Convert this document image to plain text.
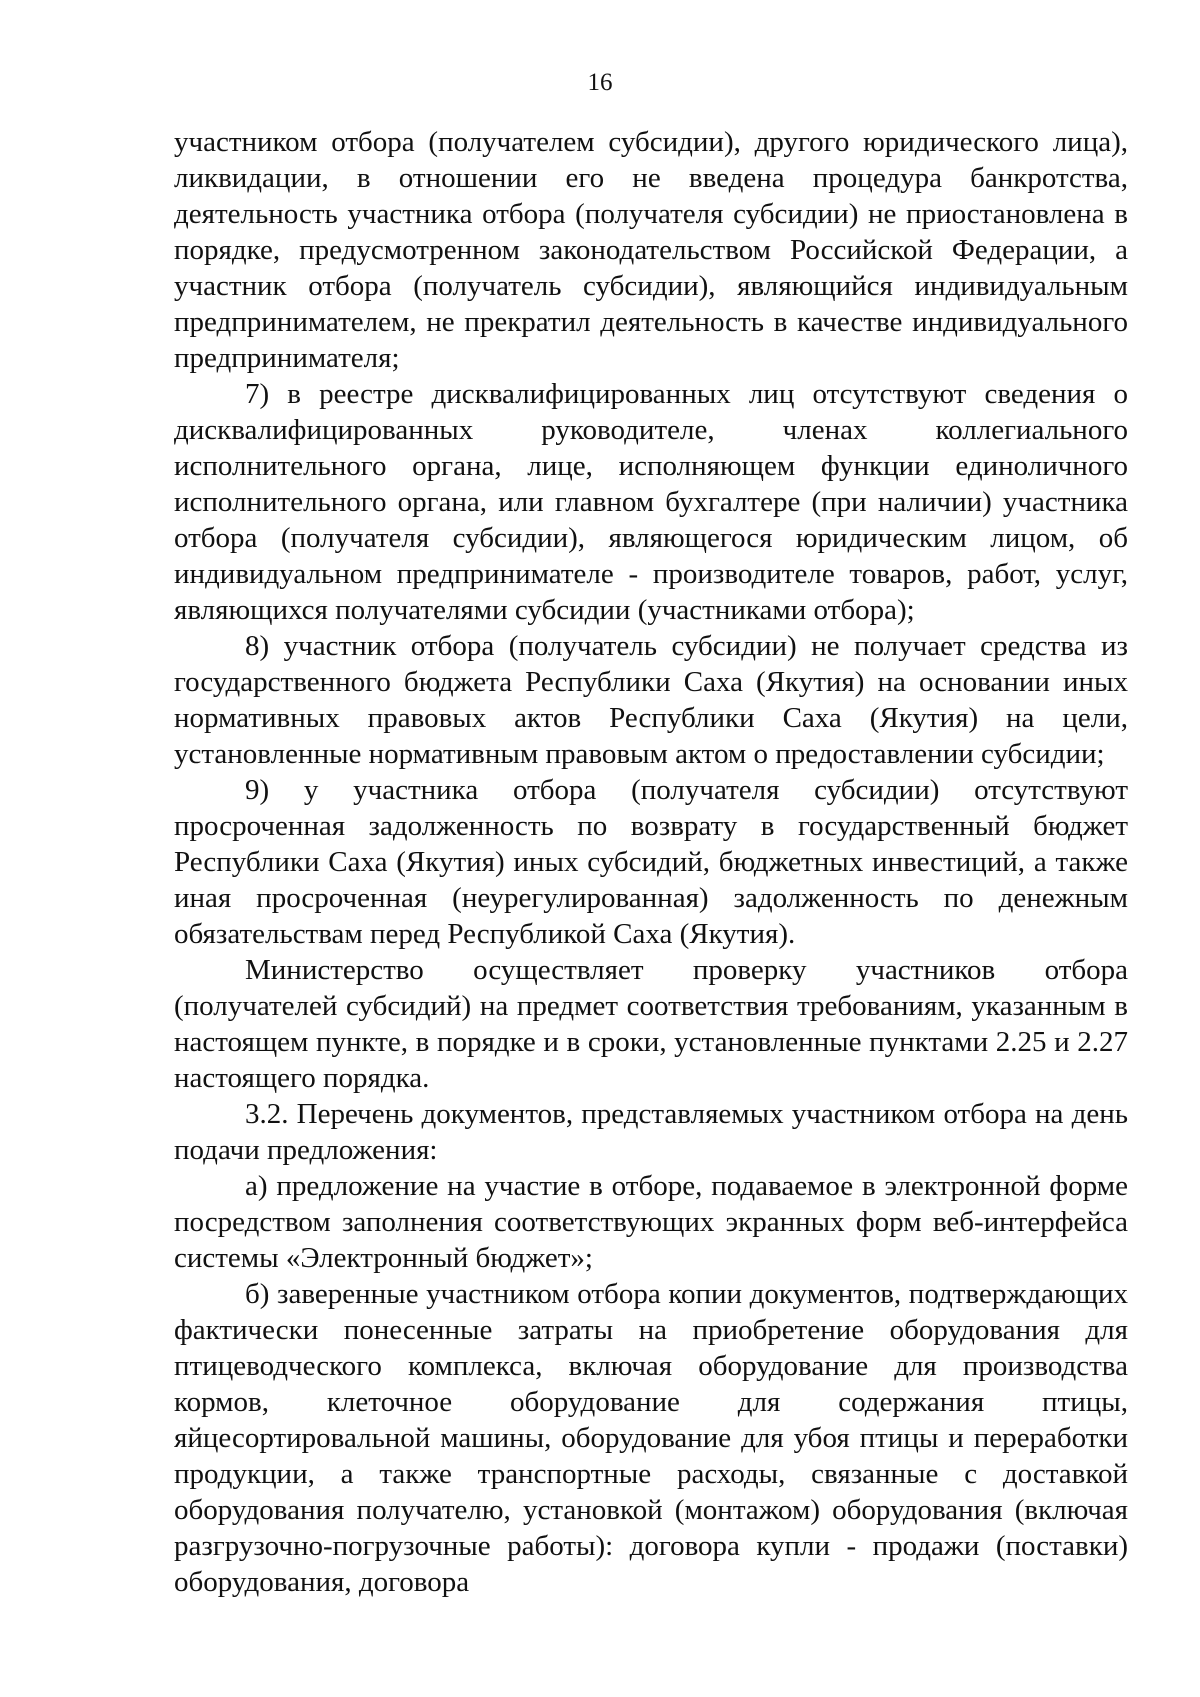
16

участником отбора (получателем субсидии), другого юридического лица), ликвидации, в отношении его не введена процедура банкротства, деятельность участника отбора (получателя субсидии) не приостановлена в порядке, предусмотренном законодательством Российской Федерации, а участник отбора (получатель субсидии), являющийся индивидуальным предпринимателем, не прекратил деятельность в качестве индивидуального предпринимателя;

7) в реестре дисквалифицированных лиц отсутствуют сведения о дисквалифицированных руководителе, членах коллегиального исполнительного органа, лице, исполняющем функции единоличного исполнительного органа, или главном бухгалтере (при наличии) участника отбора (получателя субсидии), являющегося юридическим лицом, об индивидуальном предпринимателе - производителе товаров, работ, услуг, являющихся получателями субсидии (участниками отбора);

8) участник отбора (получатель субсидии) не получает средства из государственного бюджета Республики Саха (Якутия) на основании иных нормативных правовых актов Республики Саха (Якутия) на цели, установленные нормативным правовым актом о предоставлении субсидии;

9) у участника отбора (получателя субсидии) отсутствуют просроченная задолженность по возврату в государственный бюджет Республики Саха (Якутия) иных субсидий, бюджетных инвестиций, а также иная просроченная (неурегулированная) задолженность по денежным обязательствам перед Республикой Саха (Якутия).

Министерство осуществляет проверку участников отбора (получателей субсидий) на предмет соответствия требованиям, указанным в настоящем пункте, в порядке и в сроки, установленные пунктами 2.25 и 2.27 настоящего порядка.

3.2. Перечень документов, представляемых участником отбора на день подачи предложения:

а) предложение на участие в отборе, подаваемое в электронной форме посредством заполнения соответствующих экранных форм веб-интерфейса системы «Электронный бюджет»;

б) заверенные участником отбора копии документов, подтверждающих фактически понесенные затраты на приобретение оборудования для птицеводческого комплекса, включая оборудование для производства кормов, клеточное оборудование для содержания птицы, яйцесортировальной машины, оборудование для убоя птицы и переработки продукции, а также транспортные расходы, связанные с доставкой оборудования получателю, установкой (монтажом) оборудования (включая разгрузочно-погрузочные работы): договора купли - продажи (поставки) оборудования, договора
